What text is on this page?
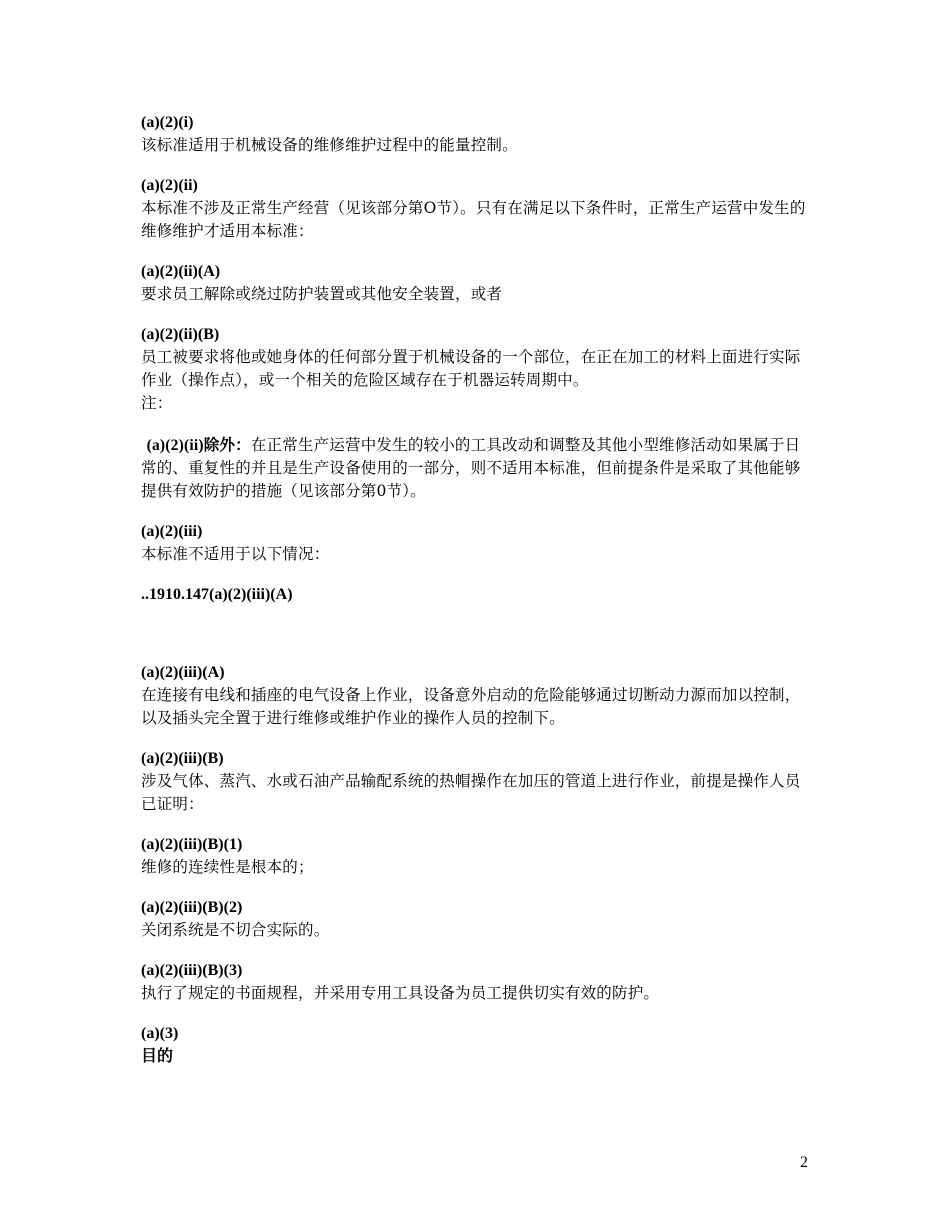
(a)(2)(i)
该标准适用于机械设备的维修维护过程中的能量控制。
(a)(2)(ii)
本标准不涉及正常生产经营（见该部分第O节）。只有在满足以下条件时，正常生产运营中发生的维修维护才适用本标准：
(a)(2)(ii)(A)
要求员工解除或绕过防护装置或其他安全装置，或者
(a)(2)(ii)(B)
员工被要求将他或她身体的任何部分置于机械设备的一个部位，在正在加工的材料上面进行实际作业（操作点），或一个相关的危险区域存在于机器运转周期中。
注：
(a)(2)(ii)除外：在正常生产运营中发生的较小的工具改动和调整及其他小型维修活动如果属于日常的、重复性的并且是生产设备使用的一部分，则不适用本标准，但前提条件是采取了其他能够提供有效防护的措施（见该部分第0节）。
(a)(2)(iii)
本标准不适用于以下情况：
..1910.147(a)(2)(iii)(A)
(a)(2)(iii)(A)
在连接有电线和插座的电气设备上作业，设备意外启动的危险能够通过切断动力源而加以控制，以及插头完全置于进行维修或维护作业的操作人员的控制下。
(a)(2)(iii)(B)
涉及气体、蒸汽、水或石油产品输配系统的热帽操作在加压的管道上进行作业，前提是操作人员已证明：
(a)(2)(iii)(B)(1)
维修的连续性是根本的；
(a)(2)(iii)(B)(2)
关闭系统是不切合实际的。
(a)(2)(iii)(B)(3)
执行了规定的书面规程，并采用专用工具设备为员工提供切实有效的防护。
(a)(3)
目的
2
